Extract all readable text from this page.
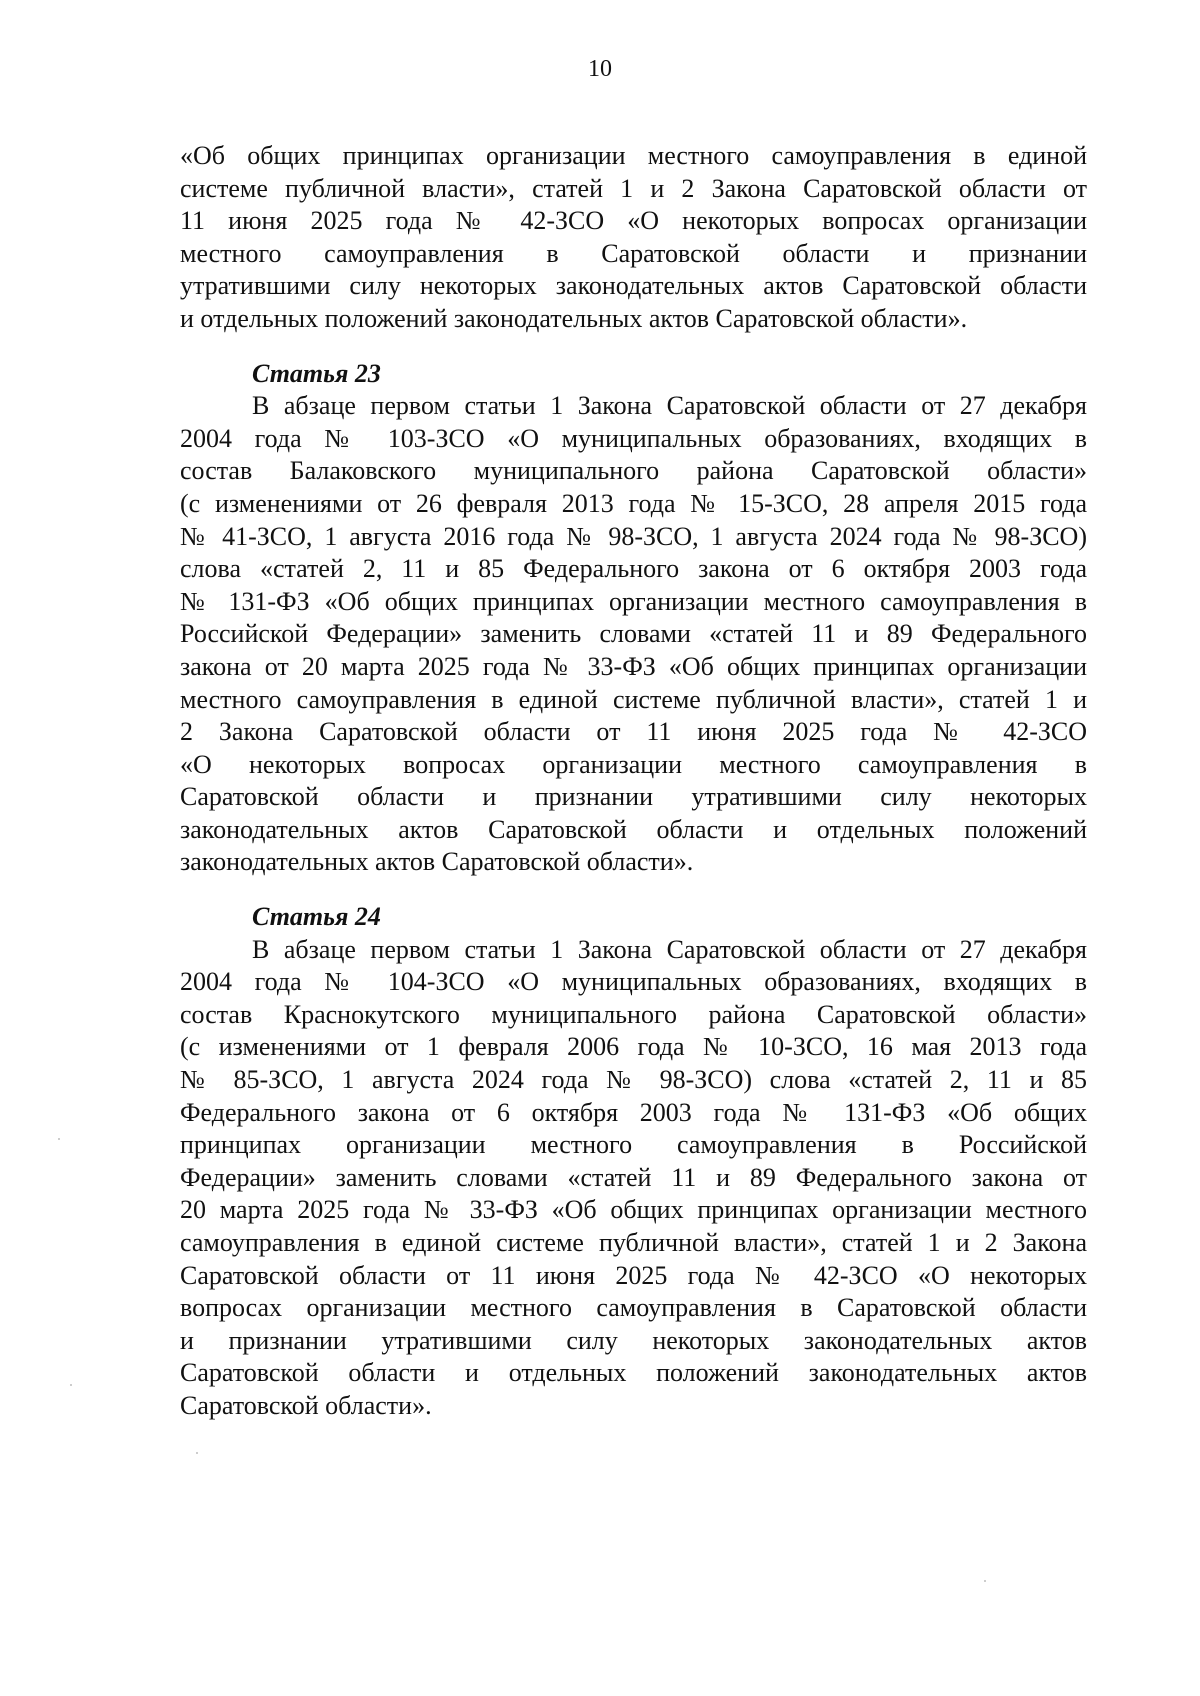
10
«Об общих принципах организации местного самоуправления в единой
системе публичной власти», статей 1 и 2 Закона Саратовской области от
11 июня 2025 года № 42-ЗСО «О некоторых вопросах организации
местного самоуправления в Саратовской области и признании
утратившими силу некоторых законодательных актов Саратовской области
и отдельных положений законодательных актов Саратовской области».
Статья 23
В абзаце первом статьи 1 Закона Саратовской области от 27 декабря
2004 года № 103-ЗСО «О муниципальных образованиях, входящих в
состав Балаковского муниципального района Саратовской области»
(с изменениями от 26 февраля 2013 года № 15-ЗСО, 28 апреля 2015 года
№ 41-ЗСО, 1 августа 2016 года № 98-ЗСО, 1 августа 2024 года № 98-ЗСО)
слова «статей 2, 11 и 85 Федерального закона от 6 октября 2003 года
№ 131-ФЗ «Об общих принципах организации местного самоуправления в
Российской Федерации» заменить словами «статей 11 и 89 Федерального
закона от 20 марта 2025 года № 33-ФЗ «Об общих принципах организации
местного самоуправления в единой системе публичной власти», статей 1 и
2 Закона Саратовской области от 11 июня 2025 года № 42-ЗСО
«О некоторых вопросах организации местного самоуправления в
Саратовской области и признании утратившими силу некоторых
законодательных актов Саратовской области и отдельных положений
законодательных актов Саратовской области».
Статья 24
В абзаце первом статьи 1 Закона Саратовской области от 27 декабря
2004 года № 104-ЗСО «О муниципальных образованиях, входящих в
состав Краснокутского муниципального района Саратовской области»
(с изменениями от 1 февраля 2006 года № 10-ЗСО, 16 мая 2013 года
№ 85-ЗСО, 1 августа 2024 года № 98-ЗСО) слова «статей 2, 11 и 85
Федерального закона от 6 октября 2003 года № 131-ФЗ «Об общих
принципах организации местного самоуправления в Российской
Федерации» заменить словами «статей 11 и 89 Федерального закона от
20 марта 2025 года № 33-ФЗ «Об общих принципах организации местного
самоуправления в единой системе публичной власти», статей 1 и 2 Закона
Саратовской области от 11 июня 2025 года № 42-ЗСО «О некоторых
вопросах организации местного самоуправления в Саратовской области
и признании утратившими силу некоторых законодательных актов
Саратовской области и отдельных положений законодательных актов
Саратовской области».
